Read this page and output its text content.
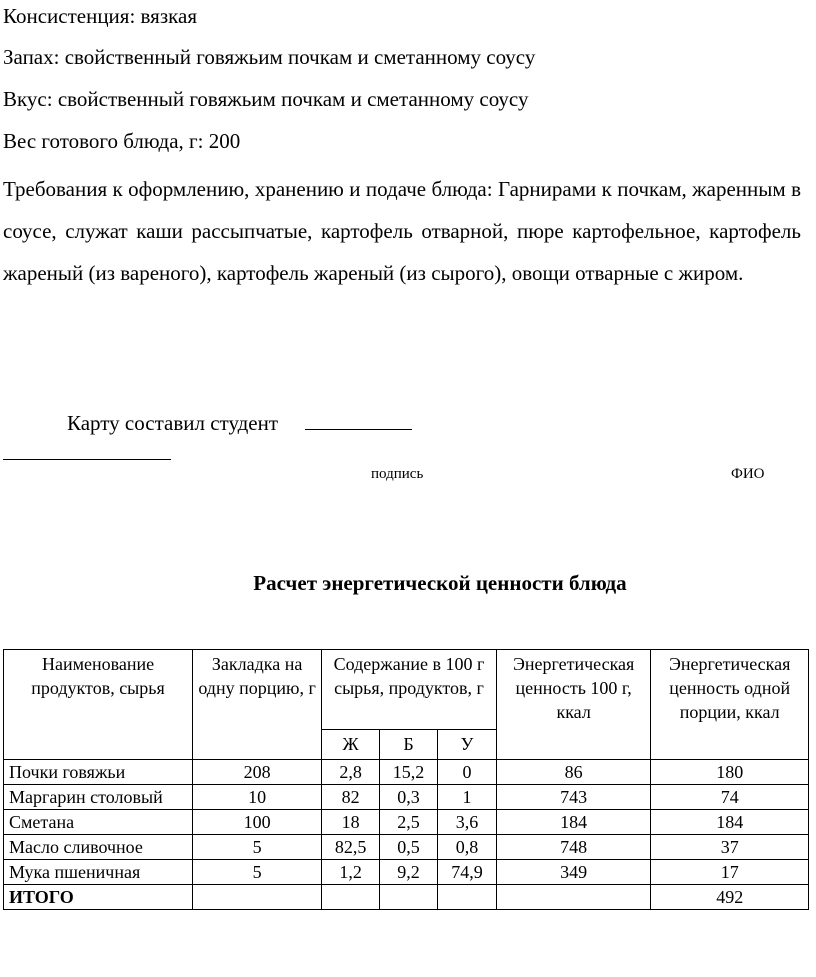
Консистенция: вязкая
Запах: свойственный говяжьим почкам и сметанному соусу
Вкус: свойственный говяжьим почкам и сметанному соусу
Вес готового блюда, г: 200
Требования к оформлению, хранению и подаче блюда: Гарнирами к почкам, жаренным в соусе, служат каши рассыпчатые, картофель отварной, пюре картофельное, картофель жареный (из вареного), картофель жареный (из сырого), овощи отварные с жиром.
Карту составил студент
подпись	ФИО
Расчет энергетической ценности блюда
Наименование продуктов, сырья	Закладка на одну порцию, г	Содержание в 100 г сырья, продуктов, г			Энергетическая ценность 100 г, ккал	Энергетическая ценность одной порции, ккал
		Ж	Б	У		
Почки говяжьи	208	2,8	15,2	0	86	180
Маргарин столовый	10	82	0,3	1	743	74
Сметана	100	18	2,5	3,6	184	184
Масло сливочное	5	82,5	0,5	0,8	748	37
Мука пшеничная	5	1,2	9,2	74,9	349	17
ИТОГО						492
